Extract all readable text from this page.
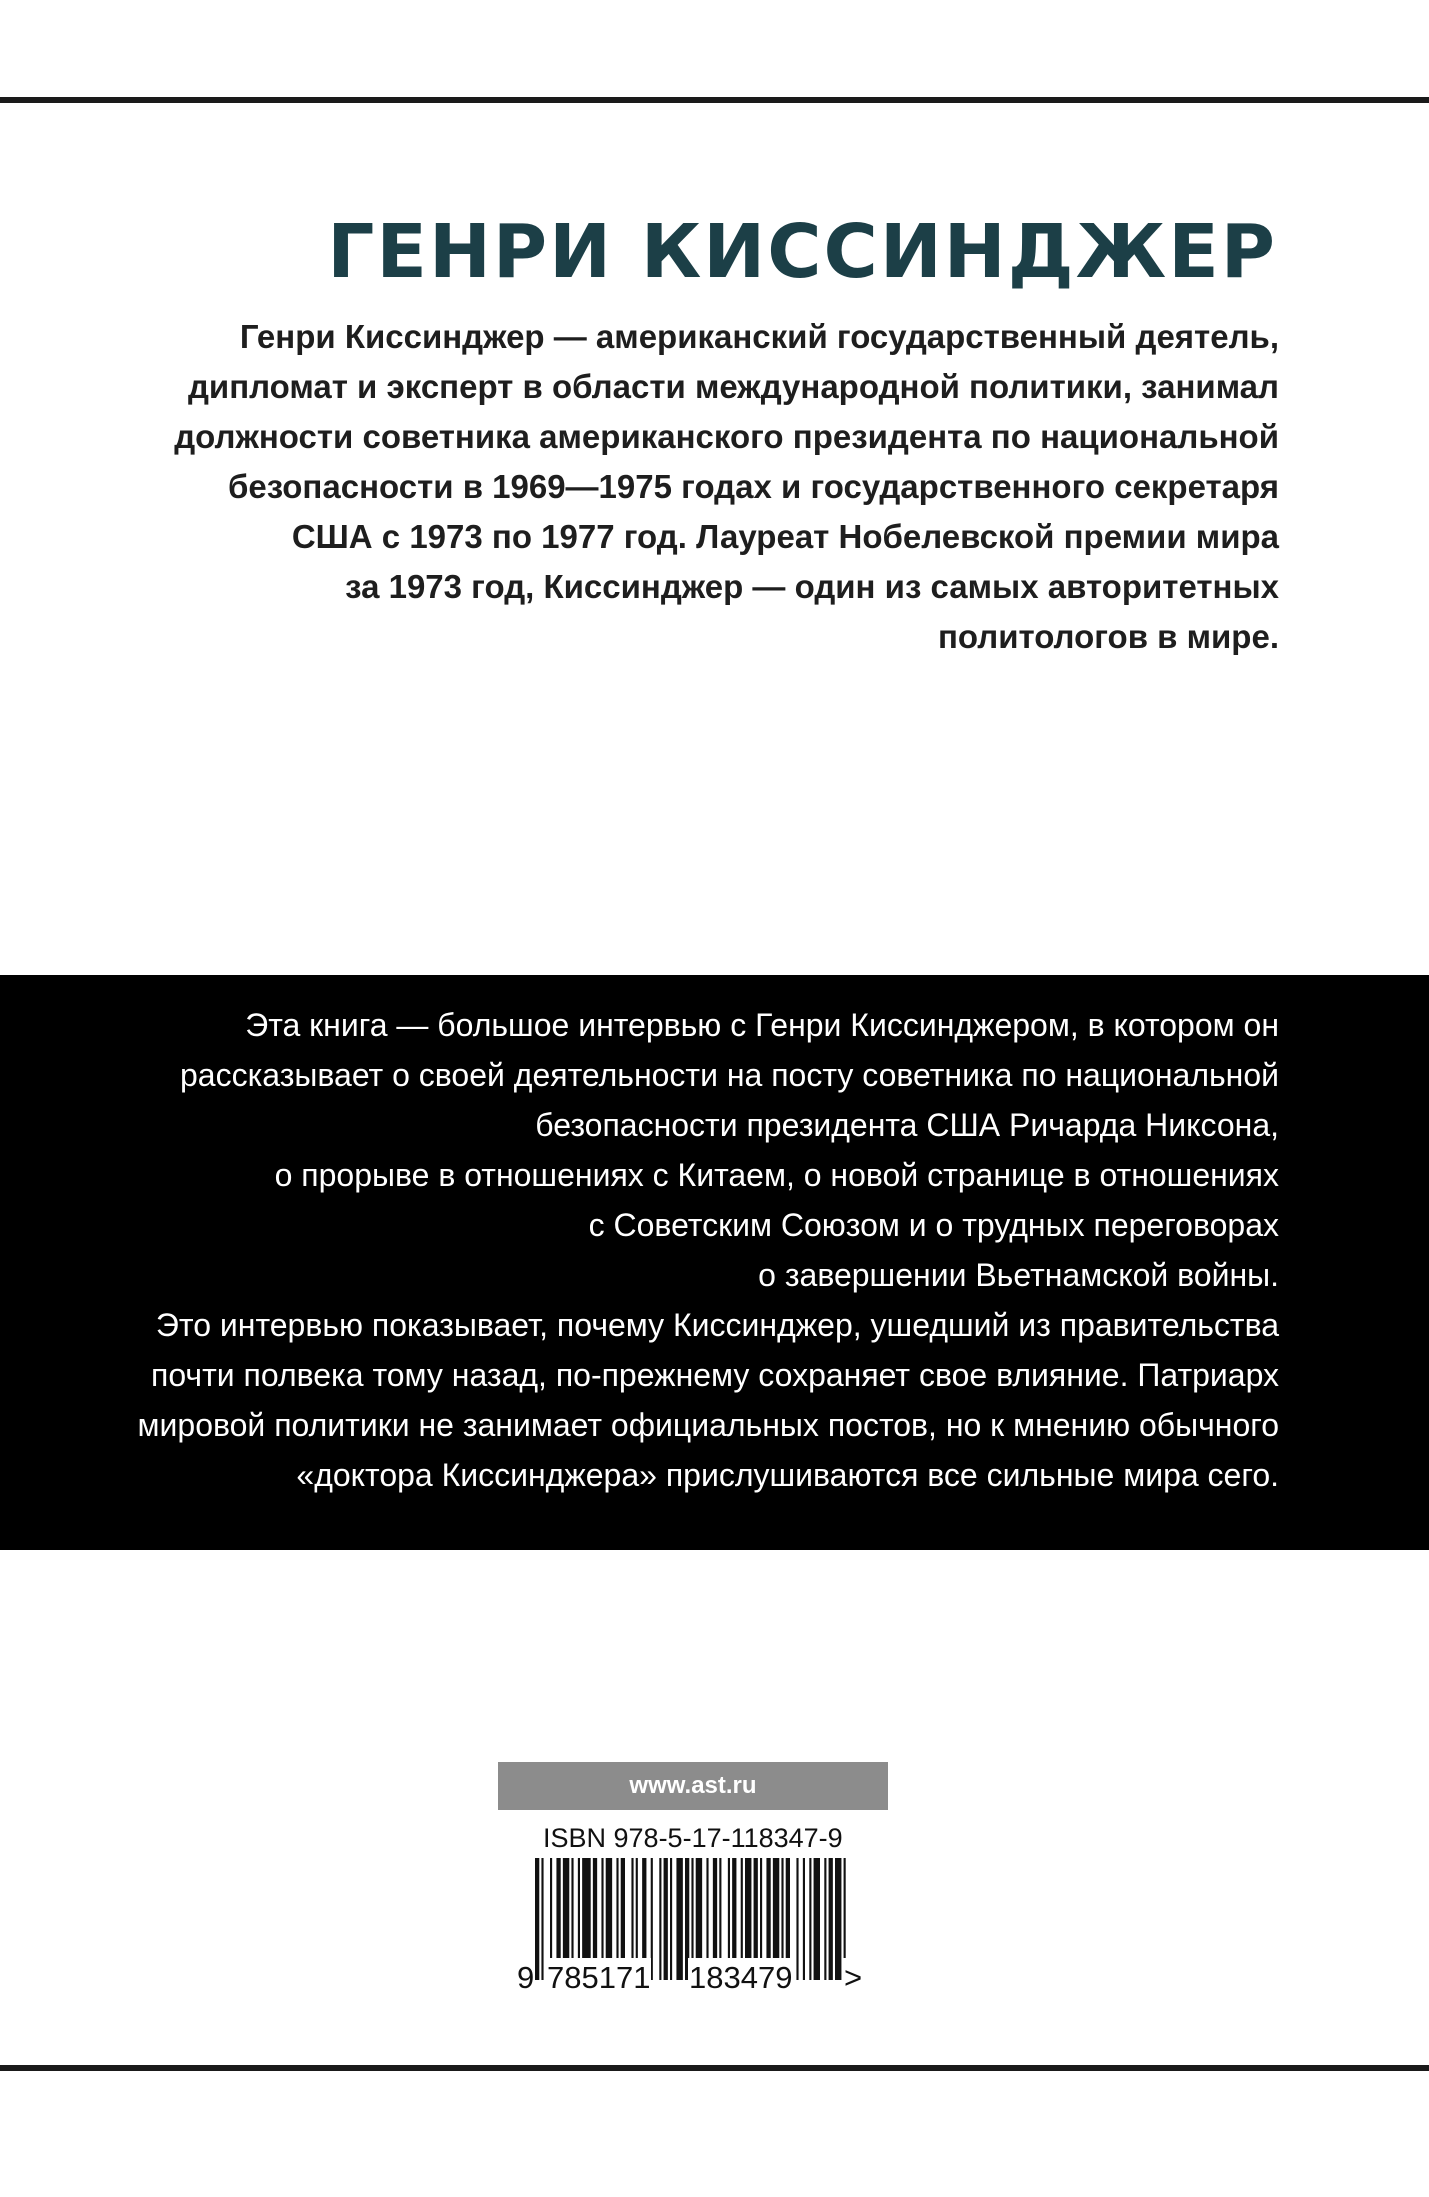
ГЕНРИ КИССИНДЖЕР
Генри Киссинджер — американский государственный деятель,
дипломат и эксперт в области международной политики, занимал
должности советника американского президента по национальной
безопасности в 1969—1975 годах и государственного секретаря
США с 1973 по 1977 год. Лауреат Нобелевской премии мира
за 1973 год, Киссинджер — один из самых авторитетных
политологов в мире.
Эта книга — большое интервью с Генри Киссинджером, в котором он
рассказывает о своей деятельности на посту советника по национальной
безопасности президента США Ричарда Никсона,
о прорыве в отношениях с Китаем, о новой странице в отношениях
с Советским Союзом и о трудных переговорах
о завершении Вьетнамской войны.
Это интервью показывает, почему Киссинджер, ушедший из правительства
почти полвека тому назад, по-прежнему сохраняет свое влияние. Патриарх
мировой политики не занимает официальных постов, но к мнению обычного
«доктора Киссинджера» прислушиваются все сильные мира сего.
www.ast.ru
ISBN 978-5-17-118347-9
9 785171 183479 >
